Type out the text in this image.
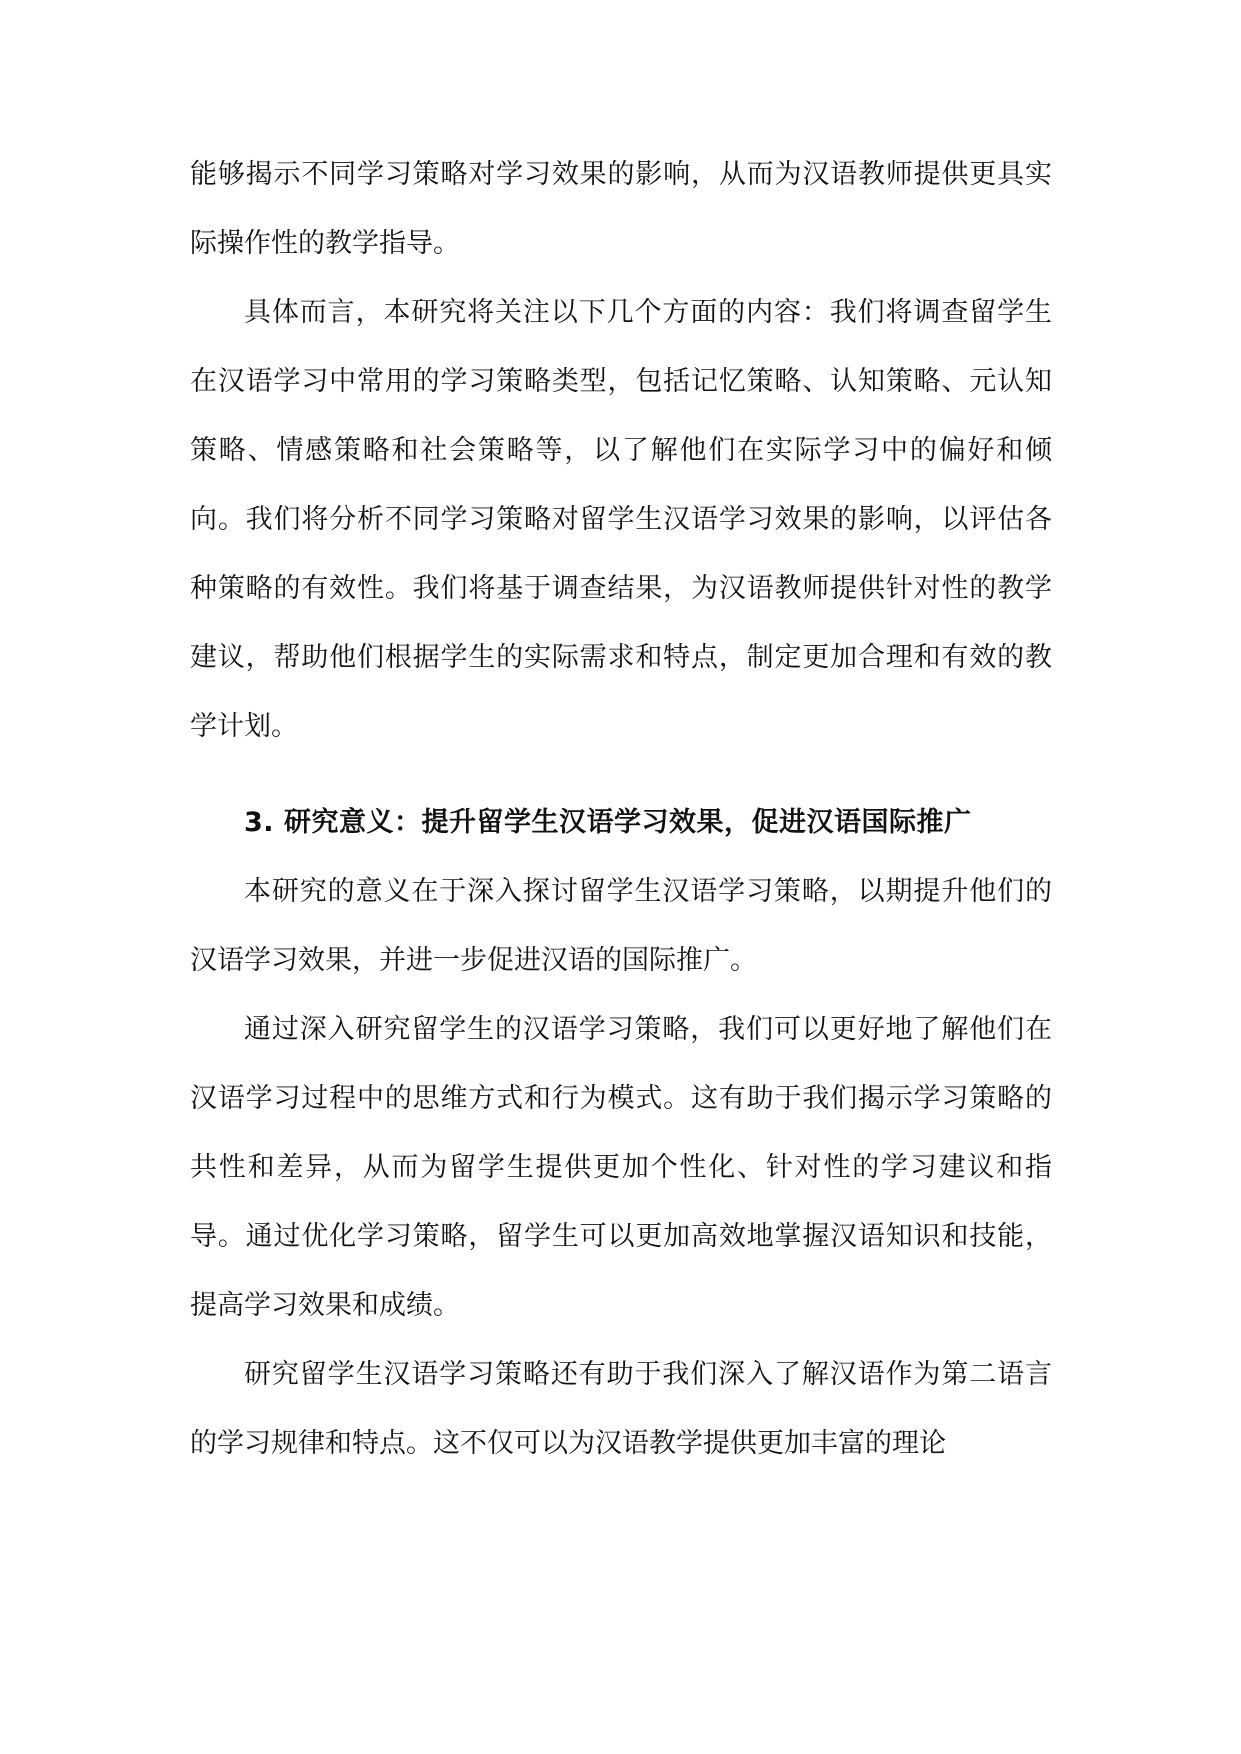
能够揭示不同学习策略对学习效果的影响，从而为汉语教师提供更具实际操作性的教学指导。

具体而言，本研究将关注以下几个方面的内容：我们将调查留学生在汉语学习中常用的学习策略类型，包括记忆策略、认知策略、元认知策略、情感策略和社会策略等，以了解他们在实际学习中的偏好和倾向。我们将分析不同学习策略对留学生汉语学习效果的影响，以评估各种策略的有效性。我们将基于调查结果，为汉语教师提供针对性的教学建议，帮助他们根据学生的实际需求和特点，制定更加合理和有效的教学计划。

3. 研究意义：提升留学生汉语学习效果，促进汉语国际推广

本研究的意义在于深入探讨留学生汉语学习策略，以期提升他们的汉语学习效果，并进一步促进汉语的国际推广。

通过深入研究留学生的汉语学习策略，我们可以更好地了解他们在汉语学习过程中的思维方式和行为模式。这有助于我们揭示学习策略的共性和差异，从而为留学生提供更加个性化、针对性的学习建议和指导。通过优化学习策略，留学生可以更加高效地掌握汉语知识和技能，提高学习效果和成绩。

研究留学生汉语学习策略还有助于我们深入了解汉语作为第二语言的学习规律和特点。这不仅可以为汉语教学提供更加丰富的理论
